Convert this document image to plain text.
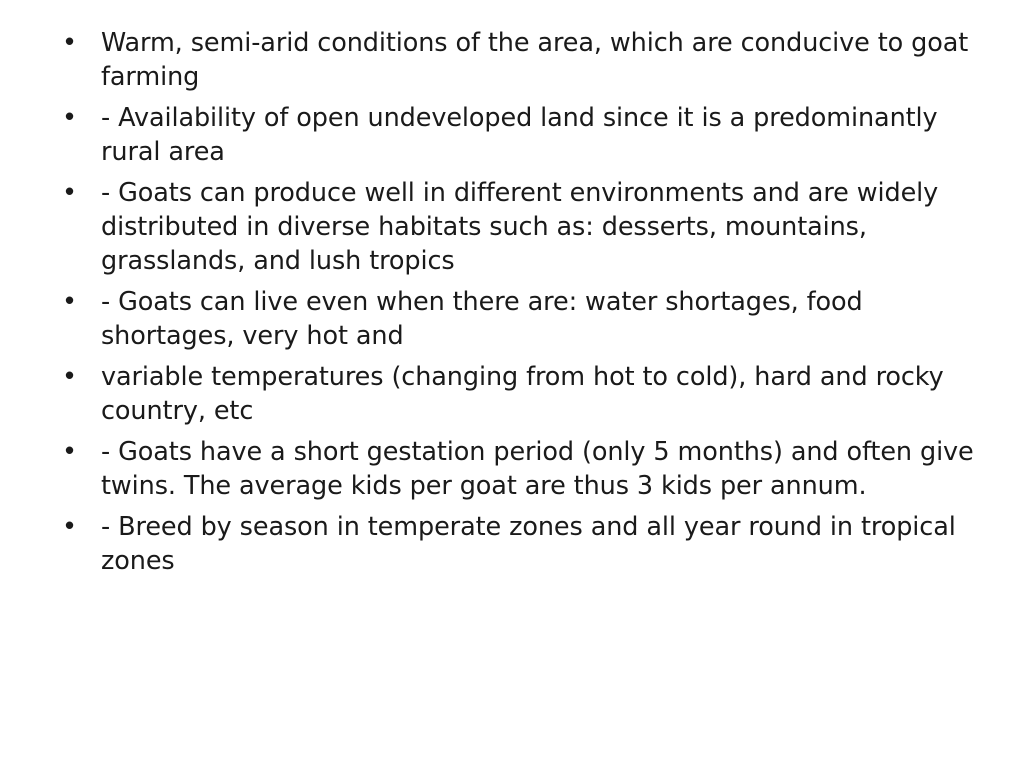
• Warm, semi-arid conditions of the area, which are conducive to goat farming
• - Availability of open undeveloped land since it is a predominantly rural area
• - Goats can produce well in different environments and are widely distributed in diverse habitats such as: desserts, mountains, grasslands, and lush tropics
• - Goats can live even when there are: water shortages, food shortages, very hot and
• variable temperatures (changing from hot to cold), hard and rocky country, etc
• - Goats have a short gestation period (only 5 months) and often give twins. The average kids per goat are thus 3 kids per annum.
• - Breed by season in temperate zones and all year round in tropical zones
